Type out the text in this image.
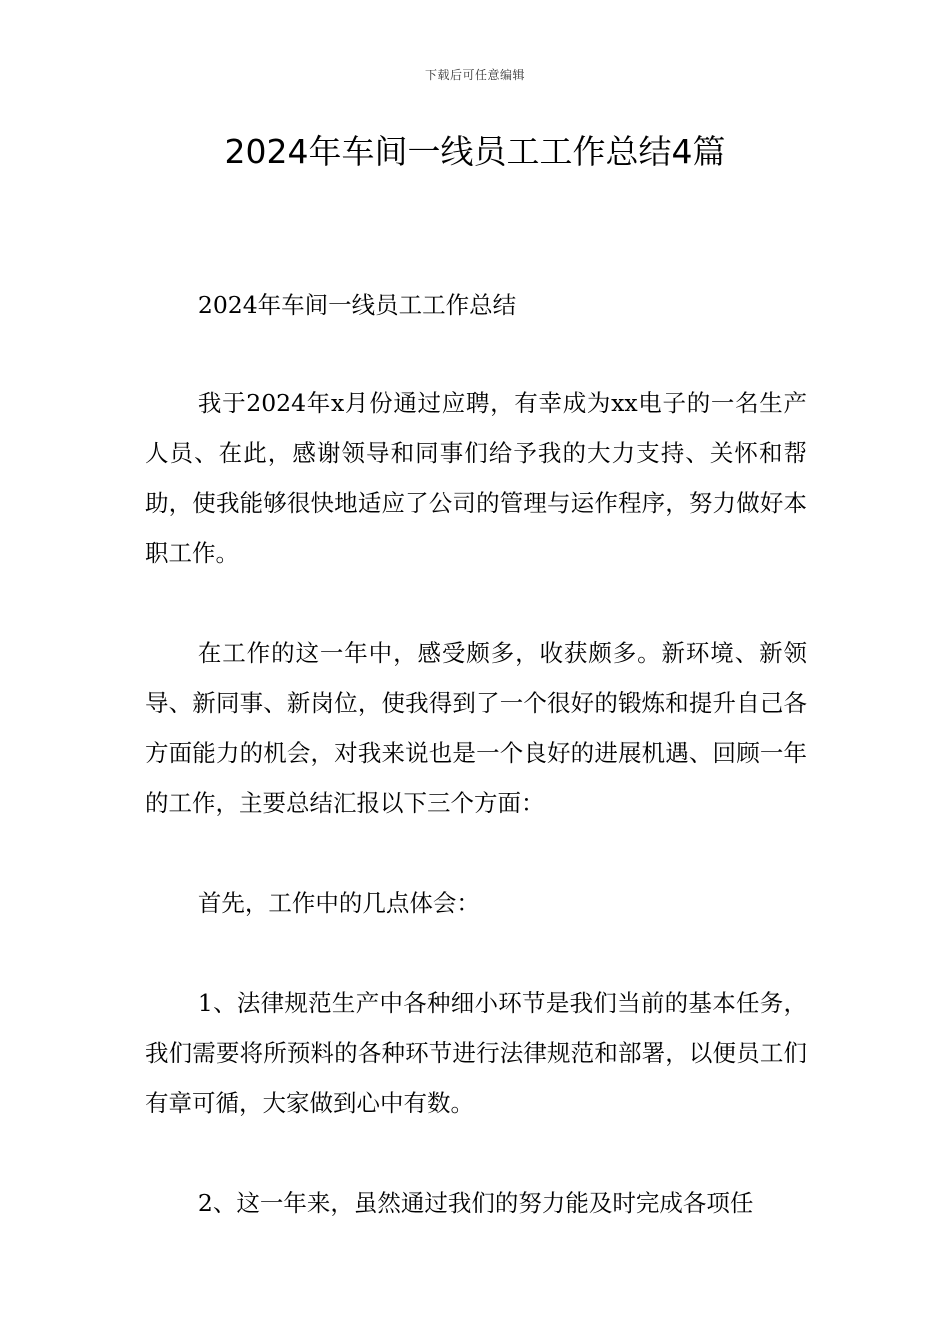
下载后可任意编辑
2024年车间一线员工工作总结4篇

2024年车间一线员工工作总结

我于2024年x月份通过应聘，有幸成为xx电子的一名生产人员、在此，感谢领导和同事们给予我的大力支持、关怀和帮助，使我能够很快地适应了公司的管理与运作程序，努力做好本职工作。

在工作的这一年中，感受颇多，收获颇多。新环境、新领导、新同事、新岗位，使我得到了一个很好的锻炼和提升自己各方面能力的机会，对我来说也是一个良好的进展机遇、回顾一年的工作，主要总结汇报以下三个方面：

首先，工作中的几点体会：

1、法律规范生产中各种细小环节是我们当前的基本任务，我们需要将所预料的各种环节进行法律规范和部署，以便员工们有章可循，大家做到心中有数。

2、这一年来，虽然通过我们的努力能及时完成各项任
